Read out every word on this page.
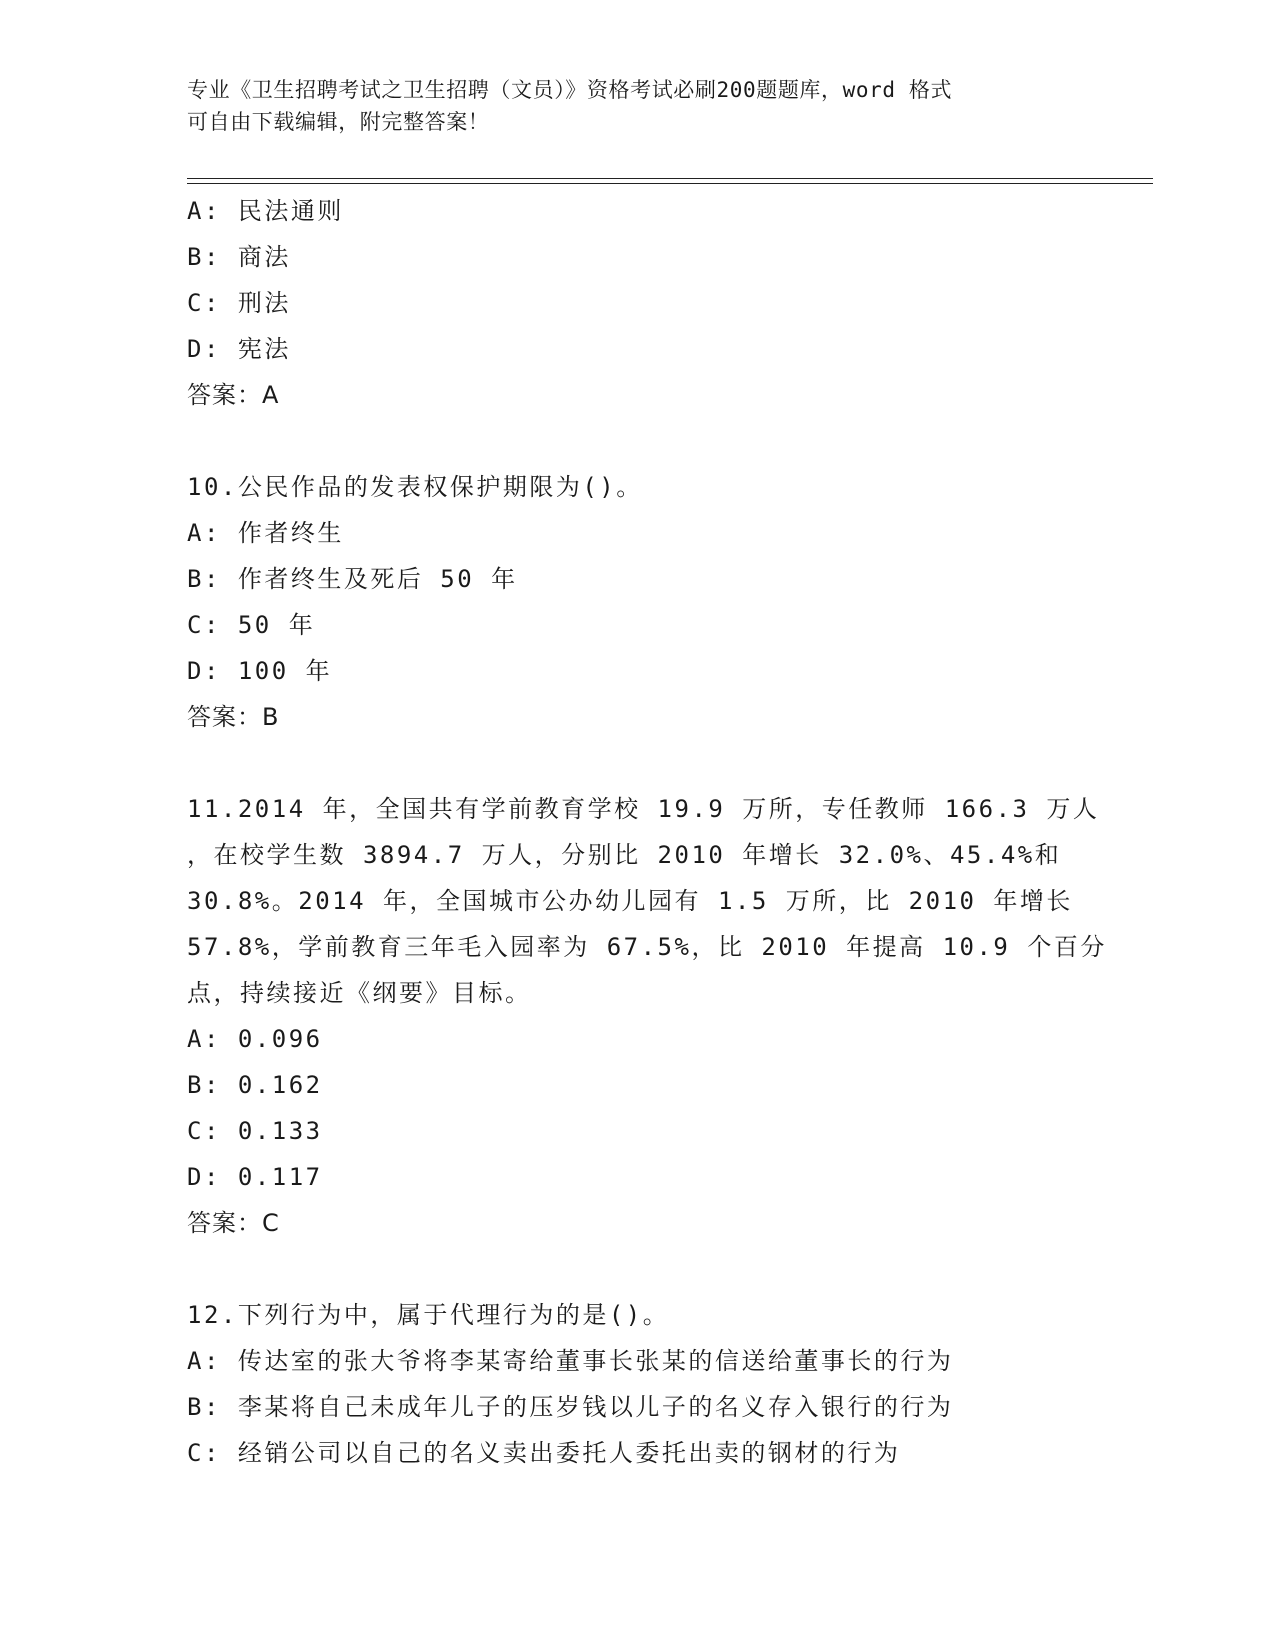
专业《卫生招聘考试之卫生招聘（文员）》资格考试必刷200题题库，word 格式
可自由下载编辑，附完整答案！
A: 民法通则
B: 商法
C: 刑法
D: 宪法
答案：A
10.公民作品的发表权保护期限为()。
A: 作者终生
B: 作者终生及死后 50 年
C: 50 年
D: 100 年
答案：B
11.2014 年，全国共有学前教育学校 19.9 万所，专任教师 166.3 万人
，在校学生数 3894.7 万人，分别比 2010 年增长 32.0%、45.4%和
30.8%。2014 年，全国城市公办幼儿园有 1.5 万所，比 2010 年增长
57.8%，学前教育三年毛入园率为 67.5%，比 2010 年提高 10.9 个百分
点，持续接近《纲要》目标。
A: 0.096
B: 0.162
C: 0.133
D: 0.117
答案：C
12.下列行为中，属于代理行为的是()。
A: 传达室的张大爷将李某寄给董事长张某的信送给董事长的行为
B: 李某将自己未成年儿子的压岁钱以儿子的名义存入银行的行为
C: 经销公司以自己的名义卖出委托人委托出卖的钢材的行为
